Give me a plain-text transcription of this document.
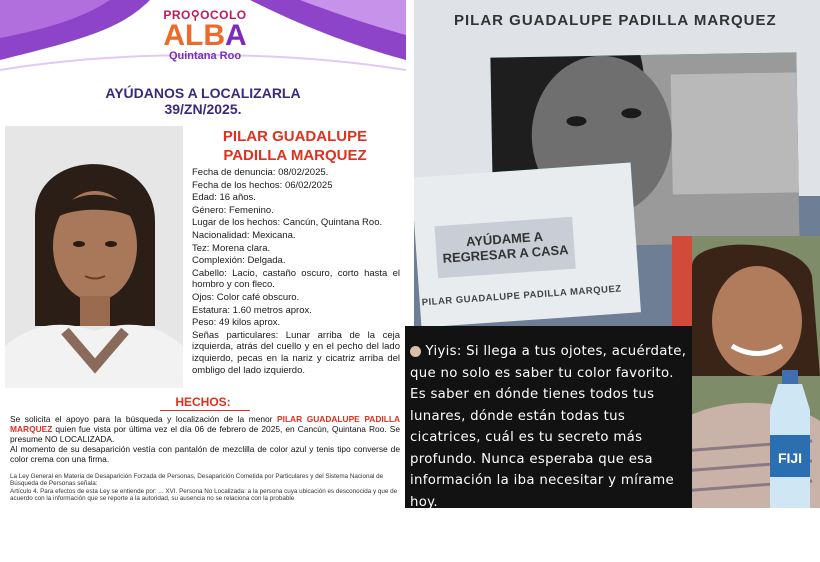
PRO⚲OCOLO
ALBA
Quintana Roo
AYÚDANOS A LOCALIZARLA
39/ZN/2025.
PILAR GUADALUPE
PADILLA MARQUEZ
Fecha de denuncia: 08/02/2025.
Fecha de los hechos: 06/02/2025
Edad: 16 años.
Género: Femenino.
Lugar de los hechos: Cancún, Quintana Roo.
Nacionalidad: Mexicana.
Tez: Morena clara.
Complexión: Delgada.
Cabello: Lacio, castaño oscuro, corto hasta el hombro y con fleco.
Ojos: Color café obscuro.
Estatura: 1.60 metros aprox.
Peso: 49 kilos aprox.
Señas particulares: Lunar arriba de la ceja izquierda, atrás del cuello y en el pecho del lado izquierdo, pecas en la nariz y cicatriz arriba del ombligo del lado izquierdo.
HECHOS:
Se solicita el apoyo para la búsqueda y localización de la menor PILAR GUADALUPE PADILLA MARQUEZ quien fue vista por última vez el día 06 de febrero de 2025, en Cancún, Quintana Roo. Se presume NO LOCALIZADA.
Al momento de su desaparición vestía con pantalón de mezclilla de color azul y tenis tipo converse de color crema con una firma.
La Ley General en Materia de Desaparición Forzada de Personas, Desaparición Cometida por Particulares y del Sistema Nacional de Búsqueda de Personas señala:
Artículo 4. Para efectos de esta Ley se entiende por: ... XVI. Persona No Localizada: a la persona cuya ubicación es desconocida y que de acuerdo con la información que se reporte a la autoridad, su ausencia no se relaciona con la probable
PILAR GUADALUPE PADILLA MARQUEZ
AYÚDAME A REGRESAR A CASA
PILAR GUADALUPE PADILLA MARQUEZ
Yiyis: Si llega a tus ojotes, acuérdate, que no solo es saber tu color favorito. Es saber en dónde tienes todos tus lunares, dónde están todas tus cicatrices, cuál es tu secreto más profundo. Nunca esperaba que esa información la iba necesitar y mírame hoy.
Yiyis,soy Mamá,luchamos juntas desde el
FIJI
